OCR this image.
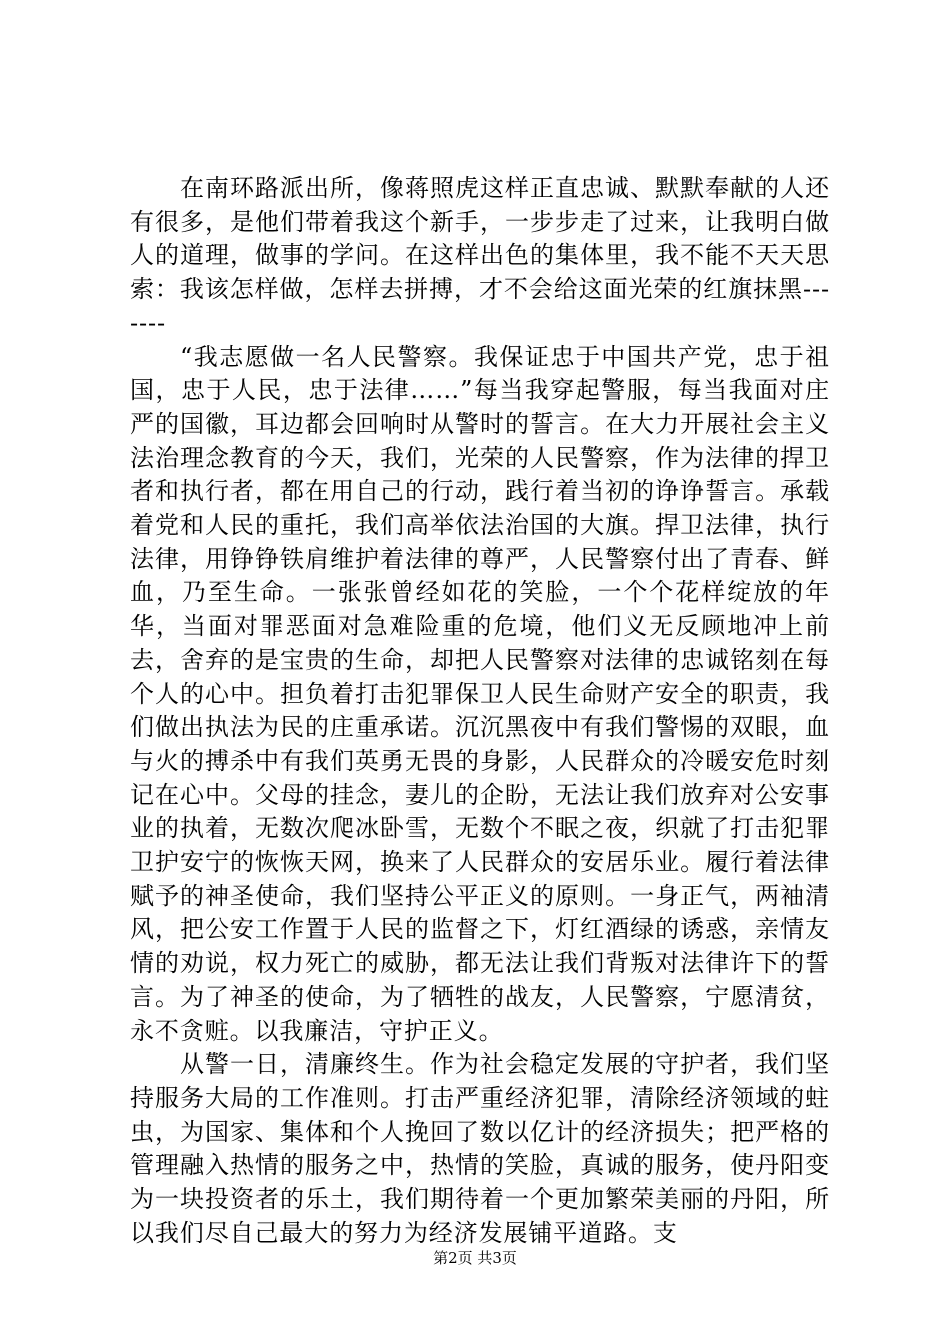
在南环路派出所，像蒋照虎这样正直忠诚、默默奉献的人还有很多，是他们带着我这个新手，一步步走了过来，让我明白做人的道理，做事的学问。在这样出色的集体里，我不能不天天思索：我该怎样做，怎样去拼搏，才不会给这面光荣的红旗抹黑-------

“我志愿做一名人民警察。我保证忠于中国共产党，忠于祖国，忠于人民，忠于法律……”每当我穿起警服，每当我面对庄严的国徽，耳边都会回响时从警时的誓言。在大力开展社会主义法治理念教育的今天，我们，光荣的人民警察，作为法律的捍卫者和执行者，都在用自己的行动，践行着当初的诤诤誓言。承载着党和人民的重托，我们高举依法治国的大旗。捍卫法律，执行法律，用铮铮铁肩维护着法律的尊严，人民警察付出了青春、鲜血，乃至生命。一张张曾经如花的笑脸，一个个花样绽放的年华，当面对罪恶面对急难险重的危境，他们义无反顾地冲上前去，舍弃的是宝贵的生命，却把人民警察对法律的忠诚铭刻在每个人的心中。担负着打击犯罪保卫人民生命财产安全的职责，我们做出执法为民的庄重承诺。沉沉黑夜中有我们警惕的双眼，血与火的搏杀中有我们英勇无畏的身影，人民群众的冷暖安危时刻记在心中。父母的挂念，妻儿的企盼，无法让我们放弃对公安事业的执着，无数次爬冰卧雪，无数个不眠之夜，织就了打击犯罪卫护安宁的恢恢天网，换来了人民群众的安居乐业。履行着法律赋予的神圣使命，我们坚持公平正义的原则。一身正气，两袖清风，把公安工作置于人民的监督之下，灯红酒绿的诱惑，亲情友情的劝说，权力死亡的威胁，都无法让我们背叛对法律许下的誓言。为了神圣的使命，为了牺牲的战友，人民警察，宁愿清贫，永不贪赃。以我廉洁，守护正义。

从警一日，清廉终生。作为社会稳定发展的守护者，我们坚持服务大局的工作准则。打击严重经济犯罪，清除经济领域的蛀虫，为国家、集体和个人挽回了数以亿计的经济损失；把严格的管理融入热情的服务之中，热情的笑脸，真诚的服务，使丹阳变为一块投资者的乐土，我们期待着一个更加繁荣美丽的丹阳，所以我们尽自己最大的努力为经济发展铺平道路。支

第2页 共3页
